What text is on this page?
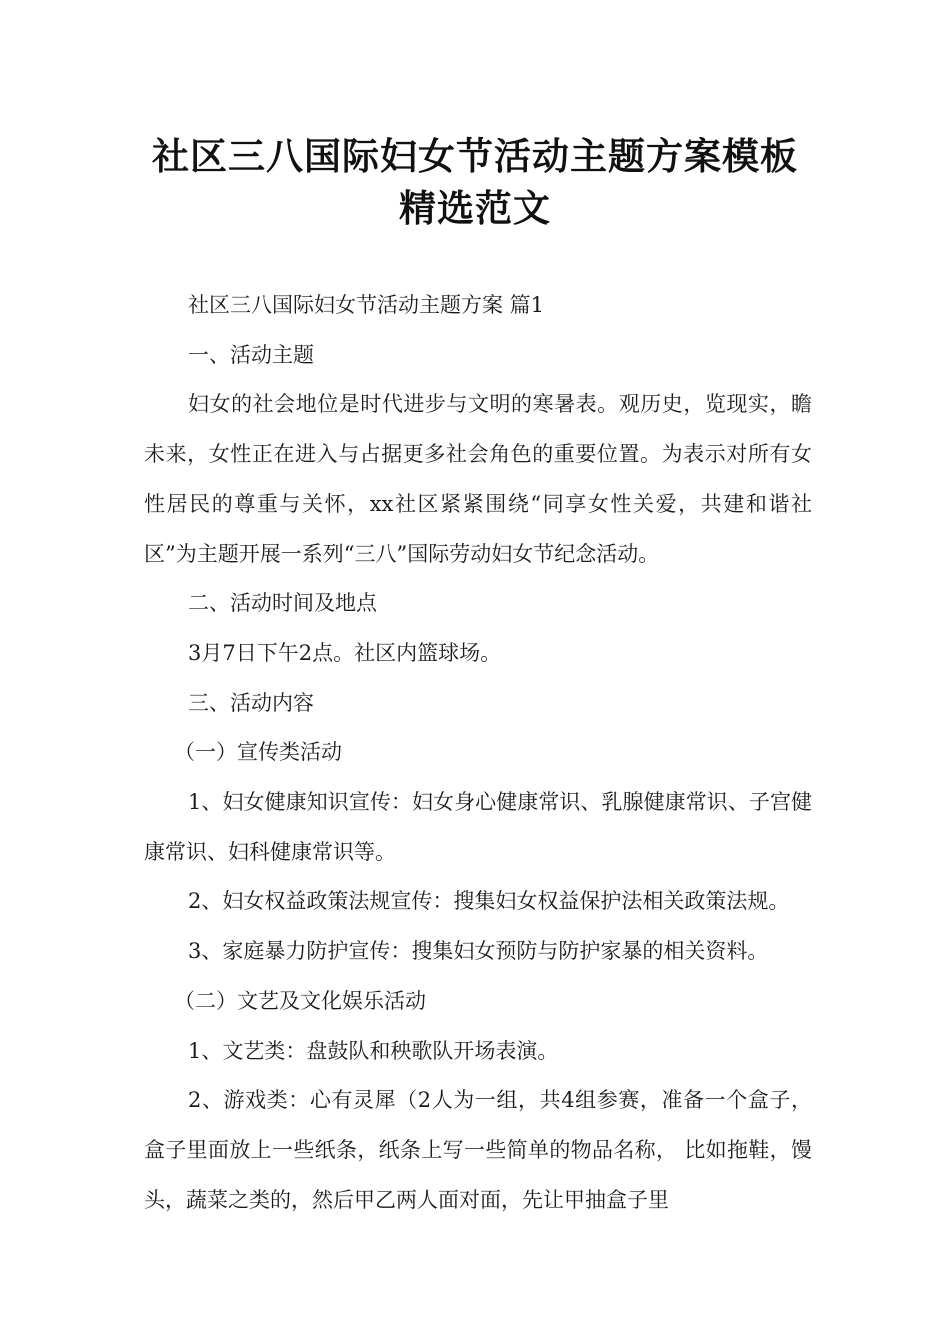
社区三八国际妇女节活动主题方案模板
精选范文

社区三八国际妇女节活动主题方案 篇1

一、活动主题

妇女的社会地位是时代进步与文明的寒暑表。观历史，览现实，瞻未来，女性正在进入与占据更多社会角色的重要位置。为表示对所有女性居民的尊重与关怀，xx社区紧紧围绕“同享女性关爱，共建和谐社区”为主题开展一系列“三八”国际劳动妇女节纪念活动。

二、活动时间及地点

3月7日下午2点。社区内篮球场。

三、活动内容

（一）宣传类活动

1、妇女健康知识宣传：妇女身心健康常识、乳腺健康常识、子宫健康常识、妇科健康常识等。

2、妇女权益政策法规宣传：搜集妇女权益保护法相关政策法规。

3、家庭暴力防护宣传：搜集妇女预防与防护家暴的相关资料。

（二）文艺及文化娱乐活动

1、文艺类：盘鼓队和秧歌队开场表演。

2、游戏类：心有灵犀（2人为一组，共4组参赛，准备一个盒子，盒子里面放上一些纸条，纸条上写一些简单的物品名称， 比如拖鞋，馒头，蔬菜之类的，然后甲乙两人面对面，先让甲抽盒子里
